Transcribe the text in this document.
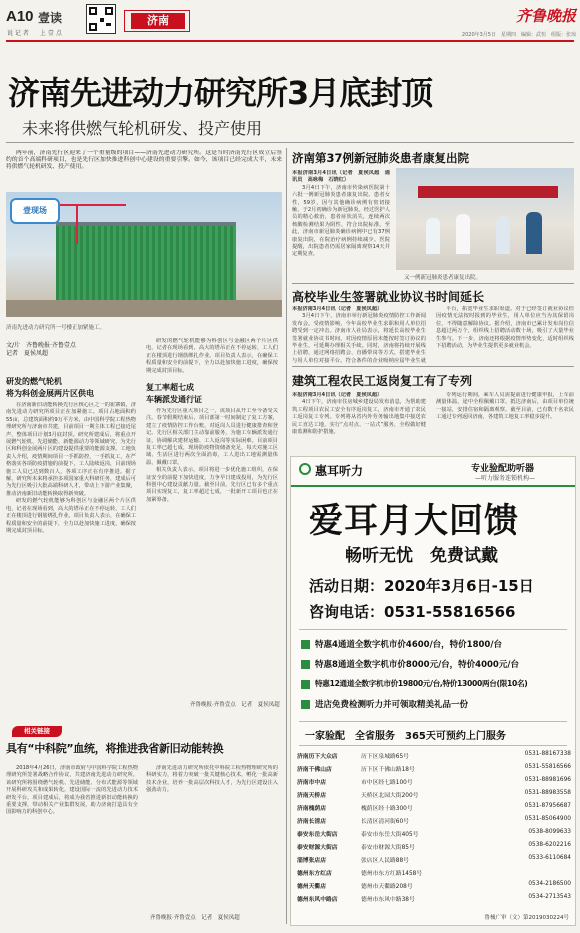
A10 壹读
说 记 者 上 壹 点
济南	齐鲁晚报
2020年3月5日　星期四　编辑：武恒　组版：张琼
济南先进动力研究所3月底封顶
未来将供燃气轮机研发、投产使用

两年前，济南先行区迎来了一个重量级的项目——济南先进动力研究所。这是当时济南先行区成立后签约的首个高端科研项目，也是先行区加快推进科创中心建设的重要引擎。如今，该项目已经完成大半，未来将供燃气轮机研发、投产使用。

壹现场
济南先进动力研究所一号楼正加紧施工。
文/片　齐鲁晚报·齐鲁壹点
记者　夏侯凤超
研发的燃气轮机
将为科创金展两片区供电

在济南新旧动能转换先行区核心区之一的崔寨镇，济南先进动力研究所项目正在加紧施工。项目占地面积约55亩，总建筑面积约9万平方米，由中国科学院工程热物理研究所与济南市共建，目前项目一期主体工程已接近尾声，整体项目计划3月底封顶。研究所建成后，将重点开展燃气轮机、先进储能、新能源动力等领域研究，为先行区和科创金展两片区的建设提供重要的能源支撑。工地负责人介绍，疫情期间项目一手抓防控，一手抓复工，在严格落实各项防疫措施的前提下，工人陆续返岗，目前现场施工人员已达到数百人，各项工序正在有序推进。据了解，研究所未来将承担多项国家重大科研任务，建成后可为先行区吸引大批高端科研人才，带动上下游产业集聚，推动济南新旧动能转换取得新突破。

研发的燃气轮机能够为科创区与金融区两个片区供电，记者在现场看到，高大的塔吊正在不停运转，工人们正在楼顶进行钢筋绑扎作业。项目负责人表示，在确保工程质量和安全的前提下，全力以赴加快施工进度，确保按期完成封顶目标。

研发的燃气轮机能够为科创区与金融区两个片区供电，记者在现场看到，高大的塔吊正在不停运转，工人们正在楼顶进行钢筋绑扎作业。项目负责人表示，在确保工程质量和安全的前提下，全力以赴加快施工进度，确保按期完成封顶目标。

复工率超七成
车辆派发通行证

作为先行区重大项目之一，该项目从开工至今备受关注。春节假期结束后，项目部第一时间制定了复工方案，建立了疫情防控工作台账，对返岗人员进行健康排查和登记。先行区相关部门主动靠前服务，为施工车辆派发通行证，协调解决建材运输、工人返岗等实际困难。目前项目复工率已超七成，现场防疫物资储备充足，每天对施工区域、生活区进行两次全面消毒，工人进出工地需测量体温、佩戴口罩。

相关负责人表示，项目将进一步优化施工组织，在保证安全的前提下加快进度，力争早日建成投用，为先行区科创中心建设贡献力量。截至目前，先行区已有多个重点项目实现复工，复工率超过七成，一批新开工项目也正在加紧筹备。

齐鲁晚报·齐鲁壹点　记者　夏侯凤超
相关链接
具有“中科院”血统，将推进我省新旧动能转换

2018年4月26日，济南市政府与中国科学院工程热物理研究所签署战略合作协议，共建济南先进动力研究所。该研究所将围绕燃气轮机、先进储能、分布式能源等领域开展科研攻关和成果转化，建设国际一流的先进动力技术研发平台。项目建成后，将成为我省推进新旧动能转换的重要支撑，带动相关产业集群发展，助力济南打造具有全国影响力的科创中心。

济南先进动力研究所依托中科院工程热物理研究所的科研实力，将着力突破一批关键核心技术，孵化一批高新技术企业，培养一批高层次科技人才，为先行区建设注入强劲动力。

齐鲁晚报·齐鲁壹点　记者　夏侯凤超
济南第37例新冠肺炎患者康复出院

本报济南3月4日讯（记者　夏侯凤超　通讯员　高咏梅　石晓红）

3月4日下午，济南市传染病医院第十六批一例新冠肺炎患者康复出院。患者女性，59岁，因与其他确诊病例有密切接触，于2月初确诊为新冠肺炎。经过医护人员的精心救治，患者症状消失，连续两次核酸检测结果为阴性，符合出院标准。至此，济南市新冠肺炎确诊病例中已有37例康复出院，在院治疗病例持续减少。医院提醒，出院患者仍需居家隔离观察14天并定期复查。

又一例新冠肺炎患者康复出院。
高校毕业生签署就业协议书时间延长

本报济南3月4日讯（记者　夏侯凤超）

3月4日下午，济南市举行新冠肺炎疫情防控工作新闻发布会。受疫情影响，今年高校毕业生求职和用人单位招聘受到一定冲击。济南市人社局表示，将延长高校毕业生签署就业协议书时间，对因疫情原因未能按时签订协议的毕业生，可延期办理相关手续。同时，济南将持续开展线上招聘，通过网络招聘会、直播带岗等方式，搭建毕业生与用人单位对接平台。符合条件的企业吸纳应届毕业生就

平台，拓宽毕业生求职渠道。对于已经签订就业协议但因疫情无法按时报到的毕业生，用人单位应当为其保留岗位，不得随意解除协议。据介绍，济南市已累计发布岗位信息超过两万个，组织线上招聘活动数十场，吸引了大量毕业生参与。下一步，济南还将根据疫情形势变化，适时组织线下招聘活动，为毕业生提供更多就业机会。

建筑工程农民工返岗复工有了专列

本报济南3月4日讯（记者　夏侯凤超）

4日下午，济南市住房城乡建设局发布消息，为帮助建筑工程项目农民工安全有序返岗复工，济南市开通了农民工返岗复工专列。专列将从省内外劳务输出地集中接送农民工直达工地，实行“点对点、一站式”服务，全程做好健康监测和防护措施。

专列运行期间，乘车人员需提前进行健康申报，上车前测量体温，途中全程佩戴口罩。抵达济南后，由项目单位统一接站，安排住宿和隔离观察。截至目前，已有数千名农民工通过专列返回济南，各建筑工地复工率稳步提升。

惠耳听力	专业验配助听器
—听力服务连锁机构—
爱耳月大回馈
畅听无忧　免费试戴
活动日期：2020年3月6日-15日
咨询电话：0531-55816566
特惠4通道全数字机市价4600/台，特价1800/台
特惠8通道全数字机市价8000元/台，特价4000元/台
特惠12通道全数字机市价19800元/台,特价13000两台(限10名)
进店免费检测听力并可领取精美礼品一份
一家验配　全省服务　365天可预约上门服务
济南历下大众店	历下区泉城路65号	0531-88167338
济南千佛山店	历下区千佛山路18号	0531-55816566
济南市中店	市中区经七路100号	0531-88981696
济南天桥店	天桥区北园大街200号	0531-88983558
济南槐荫店	槐荫区经十路300号	0531-87956687
济南长清店	长清区清河街60号	0531-85064900
泰安东岳大街店	泰安市东岳大街405号	0538-8099633
泰安财源大街店	泰安市财源大街85号	0538-6202216
淄博张店店	张店区人民路88号	0533-6110684
德州东方红店	德州市东方红路1458号
德州天衢店	德州市天衢路208号	0534-2186500
德州东风中路店	德州市东风中路38号	0534-2713543
鲁械广审（文）第2019030224号
